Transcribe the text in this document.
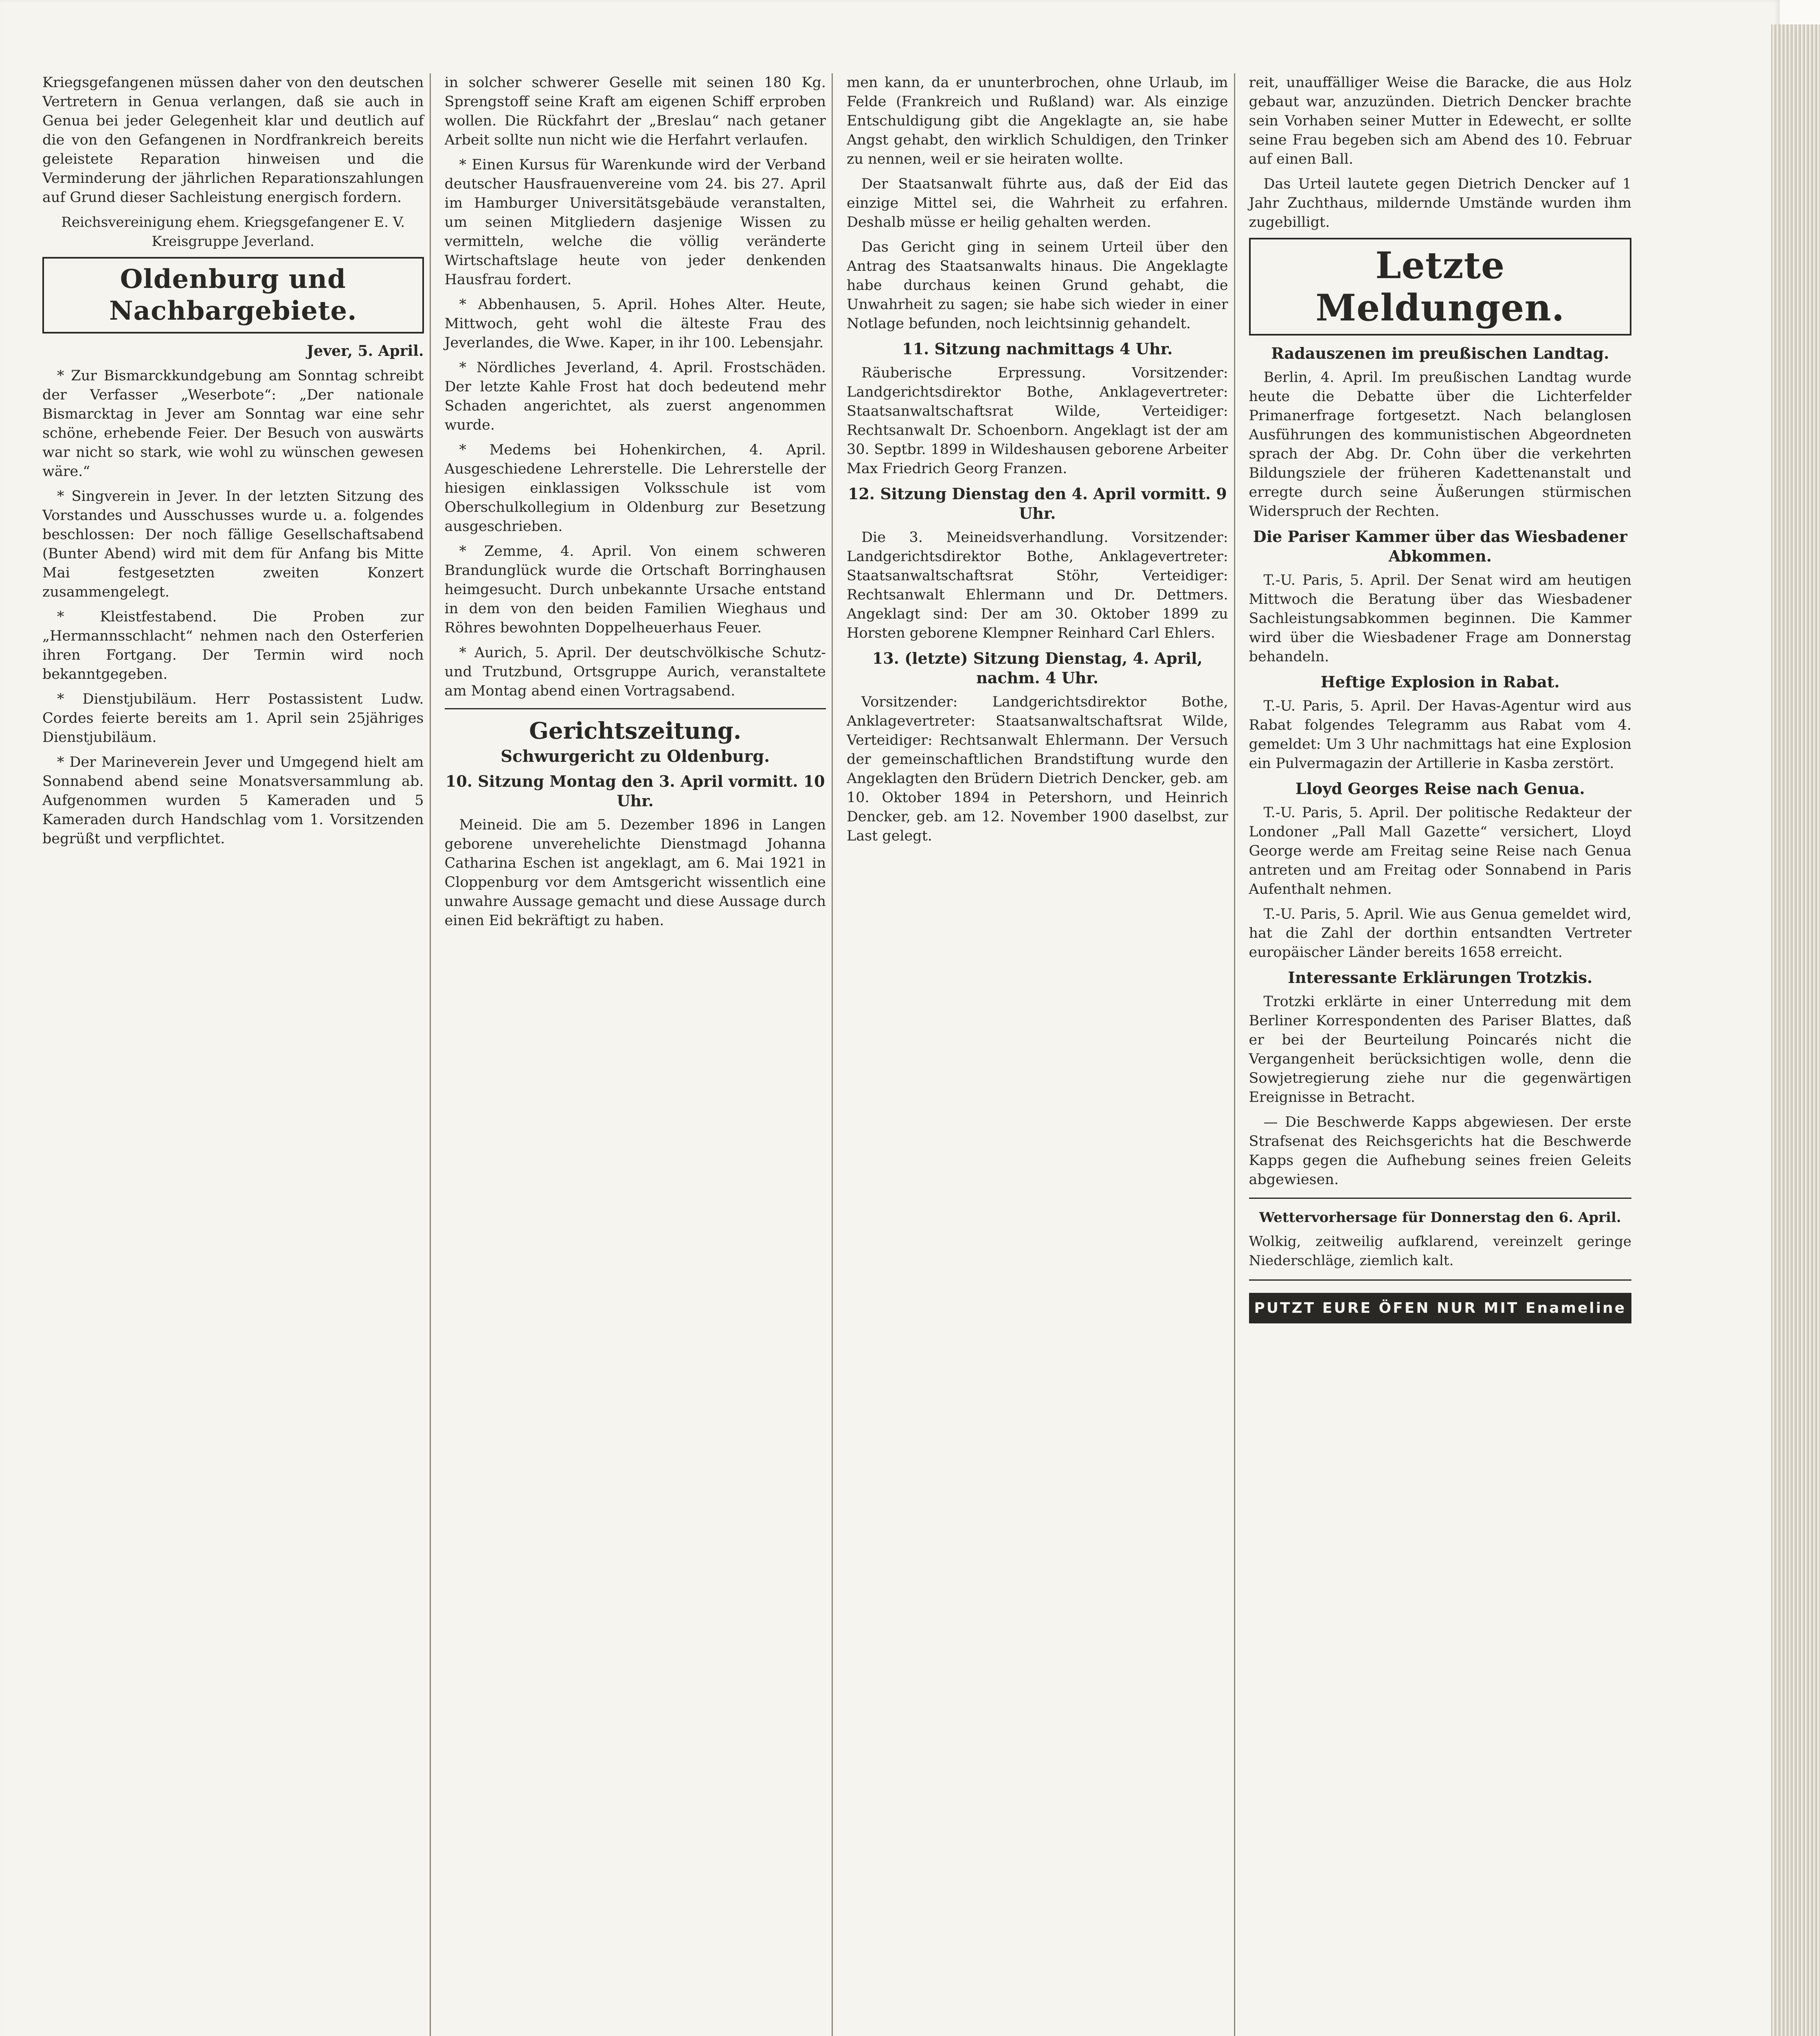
Kriegsgefangenen müssen daher von den deutschen Vertretern in Genua verlangen, daß sie auch in Genua bei jeder Gelegenheit klar und deutlich auf die von den Gefangenen in Nordfrankreich bereits geleistete Reparation hinweisen und die Verminderung der jährlichen Reparationszahlungen auf Grund dieser Sachleistung energisch fordern.

Reichsvereinigung ehem. Kriegsgefangener E. V. Kreisgruppe Jeverland.

Oldenburg und Nachbargebiete.

Jever, 5. April.

* Zur Bismarckkundgebung am Sonntag schreibt der Verfasser „Weserbote“: „Der nationale Bismarcktag in Jever am Sonntag war eine sehr schöne, erhebende Feier. Der Besuch von auswärts war nicht so stark, wie wohl zu wünschen gewesen wäre.“

* Singverein in Jever. In der letzten Sitzung des Vorstandes und Ausschusses wurde u. a. folgendes beschlossen: Der noch fällige Gesellschaftsabend (Bunter Abend) wird mit dem für Anfang bis Mitte Mai festgesetzten zweiten Konzert zusammengelegt.

* Kleistfestabend. Die Proben zur „Hermannsschlacht“ nehmen nach den Osterferien ihren Fortgang. Der Termin wird noch bekanntgegeben.

* Dienstjubiläum. Herr Postassistent Ludw. Cordes feierte bereits am 1. April sein 25jähriges Dienstjubiläum.

* Der Marineverein Jever und Umgegend hielt am Sonnabend abend seine Monatsversammlung ab. Aufgenommen wurden 5 Kameraden und 5 Kameraden durch Handschlag vom 1. Vorsitzenden begrüßt und verpflichtet.

in solcher schwerer Geselle mit seinen 180 Kg. Sprengstoff seine Kraft am eigenen Schiff erproben wollen. Die Rückfahrt der „Breslau“ nach getaner Arbeit sollte nun nicht wie die Herfahrt verlaufen.

* Einen Kursus für Warenkunde wird der Verband deutscher Hausfrauenvereine vom 24. bis 27. April im Hamburger Universitätsgebäude veranstalten, um seinen Mitgliedern dasjenige Wissen zu vermitteln, welche die völlig veränderte Wirtschaftslage heute von jeder denkenden Hausfrau fordert.

* Abbenhausen, 5. April. Hohes Alter. Heute, Mittwoch, geht wohl die älteste Frau des Jeverlandes, die Wwe. Kaper, in ihr 100. Lebensjahr.

* Nördliches Jeverland, 4. April. Frostschäden. Der letzte Kahle Frost hat doch bedeutend mehr Schaden angerichtet, als zuerst angenommen wurde.

* Medems bei Hohenkirchen, 4. April. Ausgeschiedene Lehrerstelle. Die Lehrerstelle der hiesigen einklassigen Volksschule ist vom Oberschulkollegium in Oldenburg zur Besetzung ausgeschrieben.

* Zemme, 4. April. Von einem schweren Brandunglück wurde die Ortschaft Borringhausen heimgesucht. Durch unbekannte Ursache entstand in dem von den beiden Familien Wieghaus und Röhres bewohnten Doppelheuerhaus Feuer.

* Aurich, 5. April. Der deutschvölkische Schutz- und Trutzbund, Ortsgruppe Aurich, veranstaltete am Montag abend einen Vortragsabend.

Gerichtszeitung.
Schwurgericht zu Oldenburg.

10. Sitzung Montag den 3. April vormitt. 10 Uhr.

Meineid. Die am 5. Dezember 1896 in Langen geborene unverehelichte Dienstmagd Johanna Catharina Eschen ist angeklagt, am 6. Mai 1921 in Cloppenburg vor dem Amtsgericht wissentlich eine unwahre Aussage gemacht und diese Aussage durch einen Eid bekräftigt zu haben.

men kann, da er ununterbrochen, ohne Urlaub, im Felde (Frankreich und Rußland) war. Als einzige Entschuldigung gibt die Angeklagte an, sie habe Angst gehabt, den wirklich Schuldigen, den Trinker zu nennen, weil er sie heiraten wollte.

Der Staatsanwalt führte aus, daß der Eid das einzige Mittel sei, die Wahrheit zu erfahren. Deshalb müsse er heilig gehalten werden.

Das Gericht ging in seinem Urteil über den Antrag des Staatsanwalts hinaus. Die Angeklagte habe durchaus keinen Grund gehabt, die Unwahrheit zu sagen; sie habe sich wieder in einer Notlage befunden, noch leichtsinnig gehandelt.

11. Sitzung nachmittags 4 Uhr.

Räuberische Erpressung. Vorsitzender: Landgerichtsdirektor Bothe, Anklagevertreter: Staatsanwaltschaftsrat Wilde, Verteidiger: Rechtsanwalt Dr. Schoenborn. Angeklagt ist der am 30. Septbr. 1899 in Wildeshausen geborene Arbeiter Max Friedrich Georg Franzen.

12. Sitzung Dienstag den 4. April vormitt. 9 Uhr.

Die 3. Meineidsverhandlung. Vorsitzender: Landgerichtsdirektor Bothe, Anklagevertreter: Staatsanwaltschaftsrat Stöhr, Verteidiger: Rechtsanwalt Ehlermann und Dr. Dettmers. Angeklagt sind: Der am 30. Oktober 1899 zu Horsten geborene Klempner Reinhard Carl Ehlers.

13. (letzte) Sitzung Dienstag, 4. April, nachm. 4 Uhr.

Vorsitzender: Landgerichtsdirektor Bothe, Anklagevertreter: Staatsanwaltschaftsrat Wilde, Verteidiger: Rechtsanwalt Ehlermann. Der Versuch der gemeinschaftlichen Brandstiftung wurde den Angeklagten den Brüdern Dietrich Dencker, geb. am 10. Oktober 1894 in Petershorn, und Heinrich Dencker, geb. am 12. November 1900 daselbst, zur Last gelegt.

reit, unauffälliger Weise die Baracke, die aus Holz gebaut war, anzuzünden. Dietrich Dencker brachte sein Vorhaben seiner Mutter in Edewecht, er sollte seine Frau begeben sich am Abend des 10. Februar auf einen Ball.

Das Urteil lautete gegen Dietrich Dencker auf 1 Jahr Zuchthaus, mildernde Umstände wurden ihm zugebilligt.

Letzte Meldungen.

Radauszenen im preußischen Landtag.

Berlin, 4. April. Im preußischen Landtag wurde heute die Debatte über die Lichterfelder Primanerfrage fortgesetzt. Nach belanglosen Ausführungen des kommunistischen Abgeordneten sprach der Abg. Dr. Cohn über die verkehrten Bildungsziele der früheren Kadettenanstalt und erregte durch seine Äußerungen stürmischen Widerspruch der Rechten.

Die Pariser Kammer über das Wiesbadener Abkommen.

T.-U. Paris, 5. April. Der Senat wird am heutigen Mittwoch die Beratung über das Wiesbadener Sachleistungsabkommen beginnen. Die Kammer wird über die Wiesbadener Frage am Donnerstag behandeln.

Heftige Explosion in Rabat.

T.-U. Paris, 5. April. Der Havas-Agentur wird aus Rabat folgendes Telegramm aus Rabat vom 4. gemeldet: Um 3 Uhr nachmittags hat eine Explosion ein Pulvermagazin der Artillerie in Kasba zerstört.

Lloyd Georges Reise nach Genua.

T.-U. Paris, 5. April. Der politische Redakteur der Londoner „Pall Mall Gazette“ versichert, Lloyd George werde am Freitag seine Reise nach Genua antreten und am Freitag oder Sonnabend in Paris Aufenthalt nehmen.

T.-U. Paris, 5. April. Wie aus Genua gemeldet wird, hat die Zahl der dorthin entsandten Vertreter europäischer Länder bereits 1658 erreicht.

Interessante Erklärungen Trotzkis.

Trotzki erklärte in einer Unterredung mit dem Berliner Korrespondenten des Pariser Blattes, daß er bei der Beurteilung Poincarés nicht die Vergangenheit berücksichtigen wolle, denn die Sowjetregierung ziehe nur die gegenwärtigen Ereignisse in Betracht.

— Die Beschwerde Kapps abgewiesen. Der erste Strafsenat des Reichsgerichts hat die Beschwerde Kapps gegen die Aufhebung seines freien Geleits abgewiesen.

Wettervorhersage für Donnerstag den 6. April.

Wolkig, zeitweilig aufklarend, vereinzelt geringe Niederschläge, ziemlich kalt.

PUTZT EURE ÖFEN NUR MIT Enameline
